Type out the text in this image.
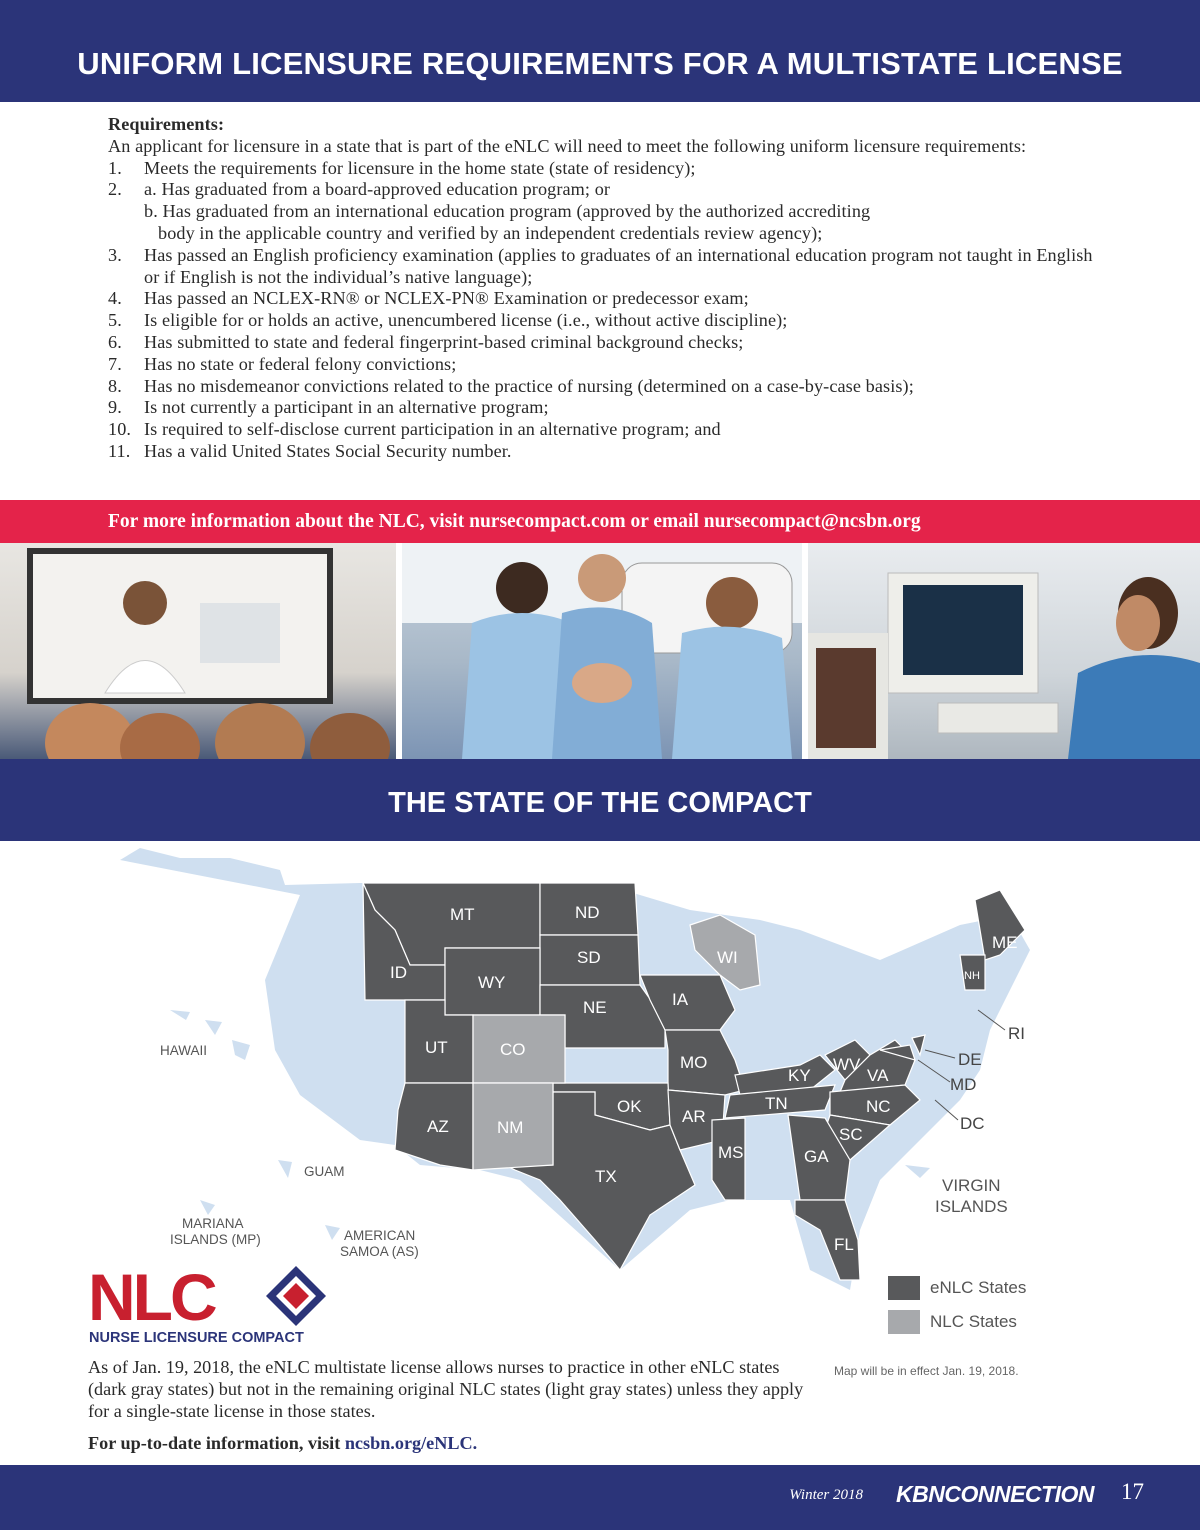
UNIFORM LICENSURE REQUIREMENTS FOR A MULTISTATE LICENSE
Requirements:
An applicant for licensure in a state that is part of the eNLC will need to meet the following uniform licensure requirements:
1.	Meets the requirements for licensure in the home state (state of residency);
2.	a. Has graduated from a board-approved education program; or
b. Has graduated from an international education program (approved by the authorized accrediting
body in the applicable country and verified by an independent credentials review agency);
3.	Has passed an English proficiency examination (applies to graduates of an international education program not taught in English or if English is not the individual’s native language);
4.	Has passed an NCLEX-RN® or NCLEX-PN® Examination or predecessor exam;
5.	Is eligible for or holds an active, unencumbered license (i.e., without active discipline);
6.	Has submitted to state and federal fingerprint-based criminal background checks;
7.	Has no state or federal felony convictions;
8.	Has no misdemeanor convictions related to the practice of nursing (determined on a case-by-case basis);
9.	Is not currently a participant in an alternative program;
10. Is required to self-disclose current participation in an alternative program; and
11. Has a valid United States Social Security number.
For more information about the NLC, visit nursecompact.com or email nursecompact@ncsbn.org
THE STATE OF THE COMPACT
MT	ND
SD
ID
WY
NE
UT	CO
AZ	NM
OK
TX
IA
MO
AR
MS
WI
KY
TN
WV
VA
NC
SC
GA
FL
ME
NH
RI
DE
MD
DC
HAWAII
GUAM
MARIANA
ISLANDS (MP)	AMERICAN
SAMOA (AS)
VIRGIN
ISLANDS
NLC
NURSE LICENSURE COMPACT
eNLC States
NLC States
Map will be in effect Jan. 19, 2018.
As of Jan. 19, 2018, the eNLC multistate license allows nurses to practice in other eNLC states (dark gray states) but not in the remaining original NLC states (light gray states) unless they apply for a single-state license in those states.
For up-to-date information, visit ncsbn.org/eNLC.
Winter 2018 KBNCONNECTION 17
